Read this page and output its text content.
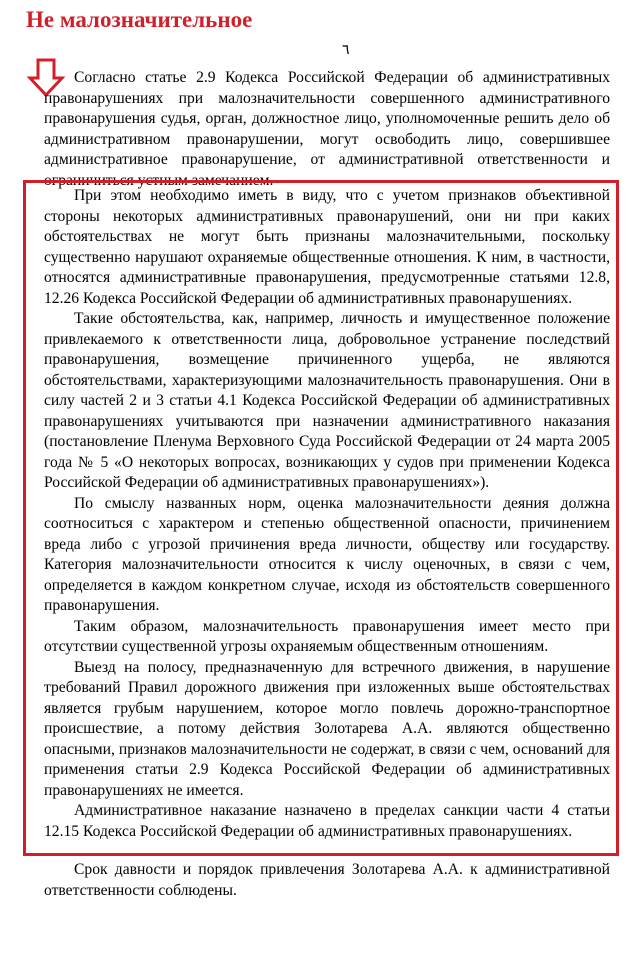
Не малозначительное
٦

Согласно статье 2.9 Кодекса Российской Федерации об административных правонарушениях при малозначительности совершенного административного правонарушения судья, орган, должностное лицо, уполномоченные решить дело об административном правонарушении, могут освободить лицо, совершившее административное правонарушение, от административной ответственности и ограничиться устным замечанием.

При этом необходимо иметь в виду, что с учетом признаков объективной стороны некоторых административных правонарушений, они ни при каких обстоятельствах не могут быть признаны малозначительными, поскольку существенно нарушают охраняемые общественные отношения. К ним, в частности, относятся административные правонарушения, предусмотренные статьями 12.8, 12.26 Кодекса Российской Федерации об административных правонарушениях.

Такие обстоятельства, как, например, личность и имущественное положение привлекаемого к ответственности лица, добровольное устранение последствий правонарушения, возмещение причиненного ущерба, не являются обстоятельствами, характеризующими малозначительность правонарушения. Они в силу частей 2 и 3 статьи 4.1 Кодекса Российской Федерации об административных правонарушениях учитываются при назначении административного наказания (постановление Пленума Верховного Суда Российской Федерации от 24 марта 2005 года № 5 «О некоторых вопросах, возникающих у судов при применении Кодекса Российской Федерации об административных правонарушениях»).

По смыслу названных норм, оценка малозначительности деяния должна соотноситься с характером и степенью общественной опасности, причинением вреда либо с угрозой причинения вреда личности, обществу или государству. Категория малозначительности относится к числу оценочных, в связи с чем, определяется в каждом конкретном случае, исходя из обстоятельств совершенного правонарушения.

Таким образом, малозначительность правонарушения имеет место при отсутствии существенной угрозы охраняемым общественным отношениям.

Выезд на полосу, предназначенную для встречного движения, в нарушение требований Правил дорожного движения при изложенных выше обстоятельствах является грубым нарушением, которое могло повлечь дорожно-транспортное происшествие, а потому действия Золотарева А.А. являются общественно опасными, признаков малозначительности не содержат, в связи с чем, оснований для применения статьи 2.9 Кодекса Российской Федерации об административных правонарушениях не имеется.

Административное наказание назначено в пределах санкции части 4 статьи 12.15 Кодекса Российской Федерации об административных правонарушениях.

Срок давности и порядок привлечения Золотарева А.А. к административной ответственности соблюдены.
